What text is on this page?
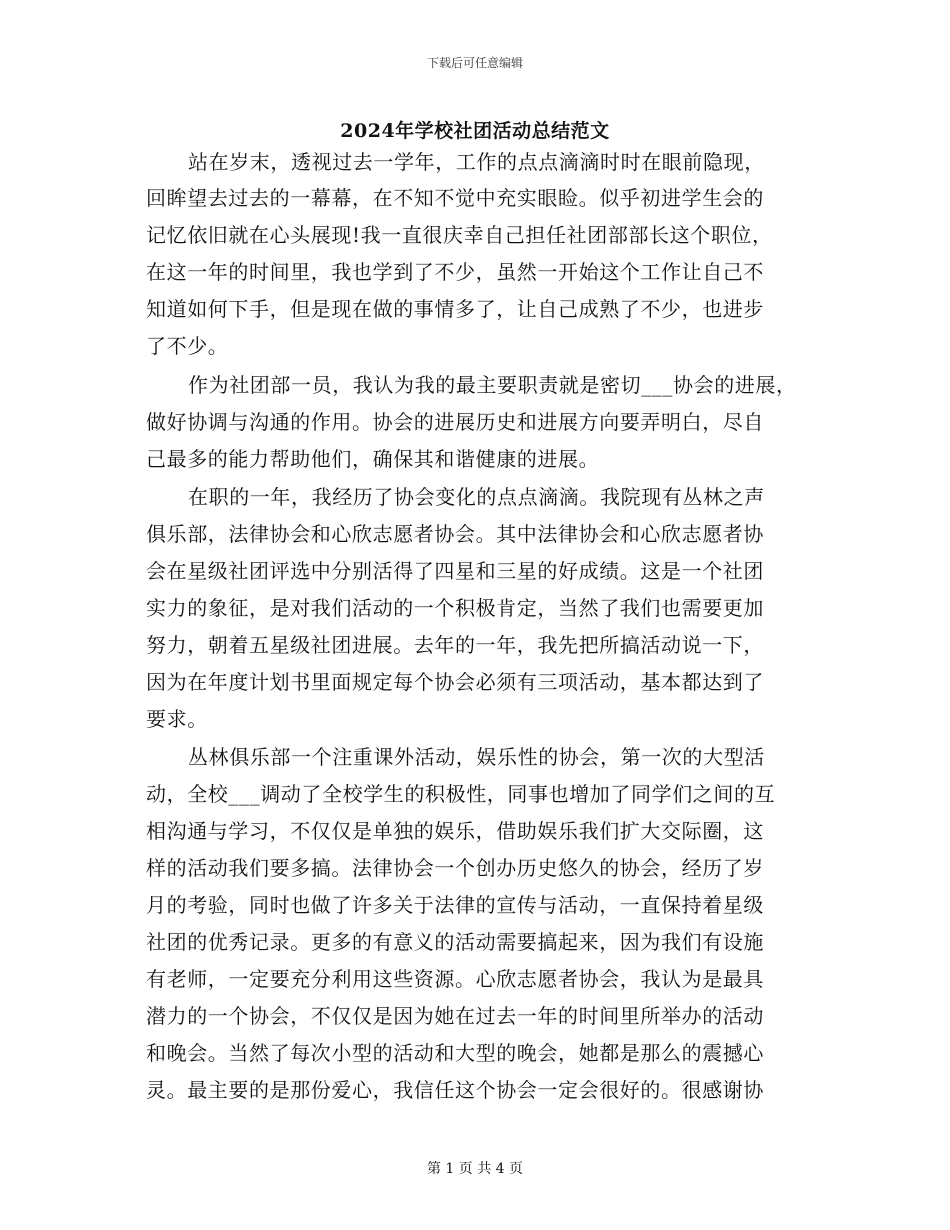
下载后可任意编辑
2024年学校社团活动总结范文
站在岁末，透视过去一学年，工作的点点滴滴时时在眼前隐现，
回眸望去过去的一幕幕，在不知不觉中充实眼睑。似乎初进学生会的
记忆依旧就在心头展现!我一直很庆幸自己担任社团部部长这个职位，
在这一年的时间里，我也学到了不少，虽然一开始这个工作让自己不
知道如何下手，但是现在做的事情多了，让自己成熟了不少，也进步
了不少。
作为社团部一员，我认为我的最主要职责就是密切___协会的进展，
做好协调与沟通的作用。协会的进展历史和进展方向要弄明白，尽自
己最多的能力帮助他们，确保其和谐健康的进展。
在职的一年，我经历了协会变化的点点滴滴。我院现有丛林之声
俱乐部，法律协会和心欣志愿者协会。其中法律协会和心欣志愿者协
会在星级社团评选中分别活得了四星和三星的好成绩。这是一个社团
实力的象征，是对我们活动的一个积极肯定，当然了我们也需要更加
努力，朝着五星级社团进展。去年的一年，我先把所搞活动说一下，
因为在年度计划书里面规定每个协会必须有三项活动，基本都达到了
要求。
丛林俱乐部一个注重课外活动，娱乐性的协会，第一次的大型活
动，全校___调动了全校学生的积极性，同事也增加了同学们之间的互
相沟通与学习，不仅仅是单独的娱乐，借助娱乐我们扩大交际圈，这
样的活动我们要多搞。法律协会一个创办历史悠久的协会，经历了岁
月的考验，同时也做了许多关于法律的宣传与活动，一直保持着星级
社团的优秀记录。更多的有意义的活动需要搞起来，因为我们有设施
有老师，一定要充分利用这些资源。心欣志愿者协会，我认为是最具
潜力的一个协会，不仅仅是因为她在过去一年的时间里所举办的活动
和晚会。当然了每次小型的活动和大型的晚会，她都是那么的震撼心
灵。最主要的是那份爱心，我信任这个协会一定会很好的。很感谢协
第 1 页 共 4 页
